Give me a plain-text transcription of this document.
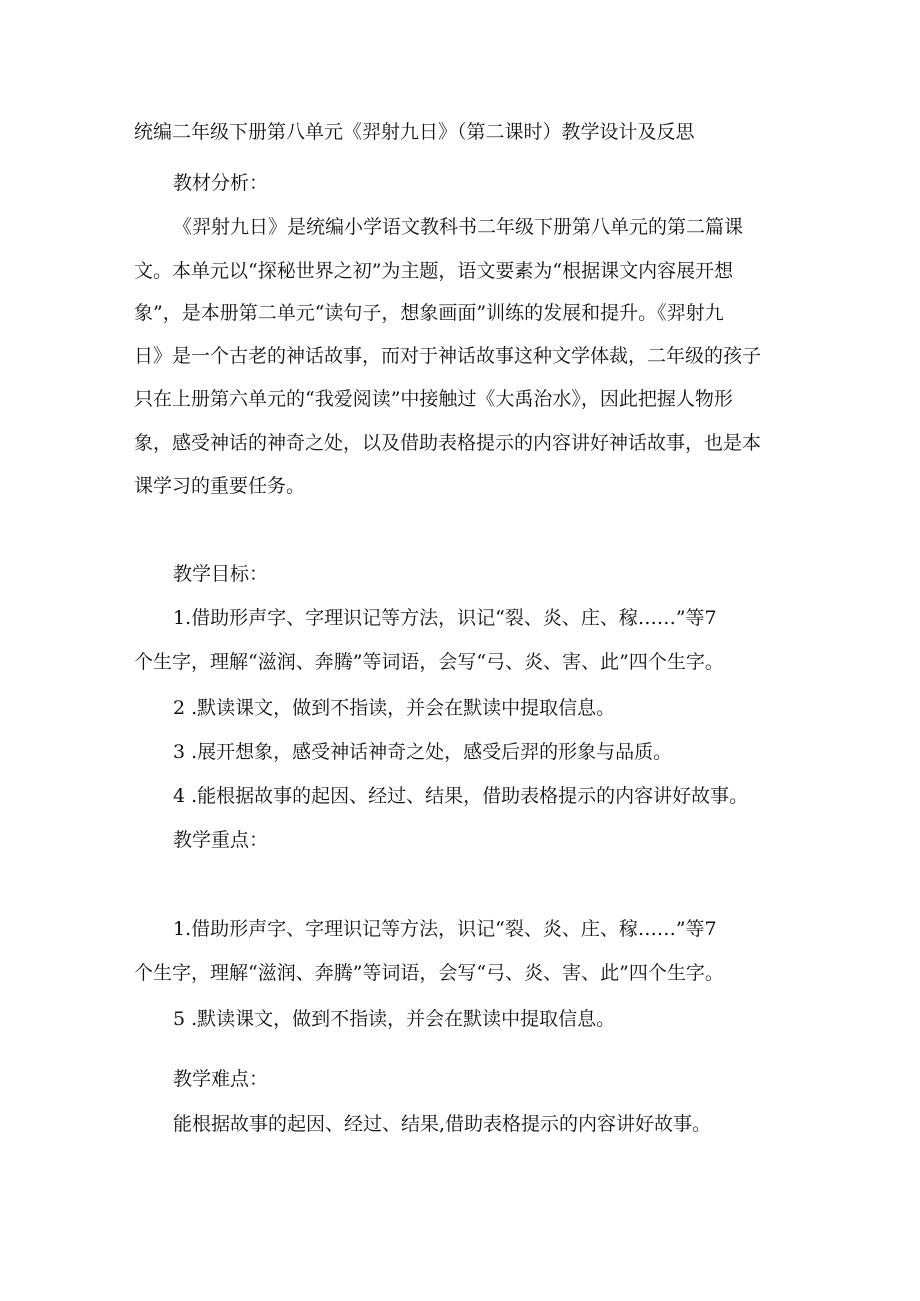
统编二年级下册第八单元《羿射九日》（第二课时）教学设计及反思
教材分析：
《羿射九日》是统编小学语文教科书二年级下册第八单元的第二篇课
文。本单元以“探秘世界之初”为主题，语文要素为“根据课文内容展开想
象”，是本册第二单元“读句子，想象画面”训练的发展和提升。《羿射九
日》是一个古老的神话故事，而对于神话故事这种文学体裁，二年级的孩子
只在上册第六单元的“我爱阅读”中接触过《大禹治水》，因此把握人物形
象，感受神话的神奇之处，以及借助表格提示的内容讲好神话故事，也是本
课学习的重要任务。
教学目标：
1.借助形声字、字理识记等方法，识记“裂、炎、庄、稼……”等7
个生字，理解“滋润、奔腾”等词语，会写“弓、炎、害、此”四个生字。
2 .默读课文，做到不指读，并会在默读中提取信息。
3 .展开想象，感受神话神奇之处，感受后羿的形象与品质。
4 .能根据故事的起因、经过、结果，借助表格提示的内容讲好故事。
教学重点：
1.借助形声字、字理识记等方法，识记“裂、炎、庄、稼……”等7
个生字，理解“滋润、奔腾”等词语，会写“弓、炎、害、此”四个生字。
5 .默读课文，做到不指读，并会在默读中提取信息。
教学难点：
能根据故事的起因、经过、结果,借助表格提示的内容讲好故事。
